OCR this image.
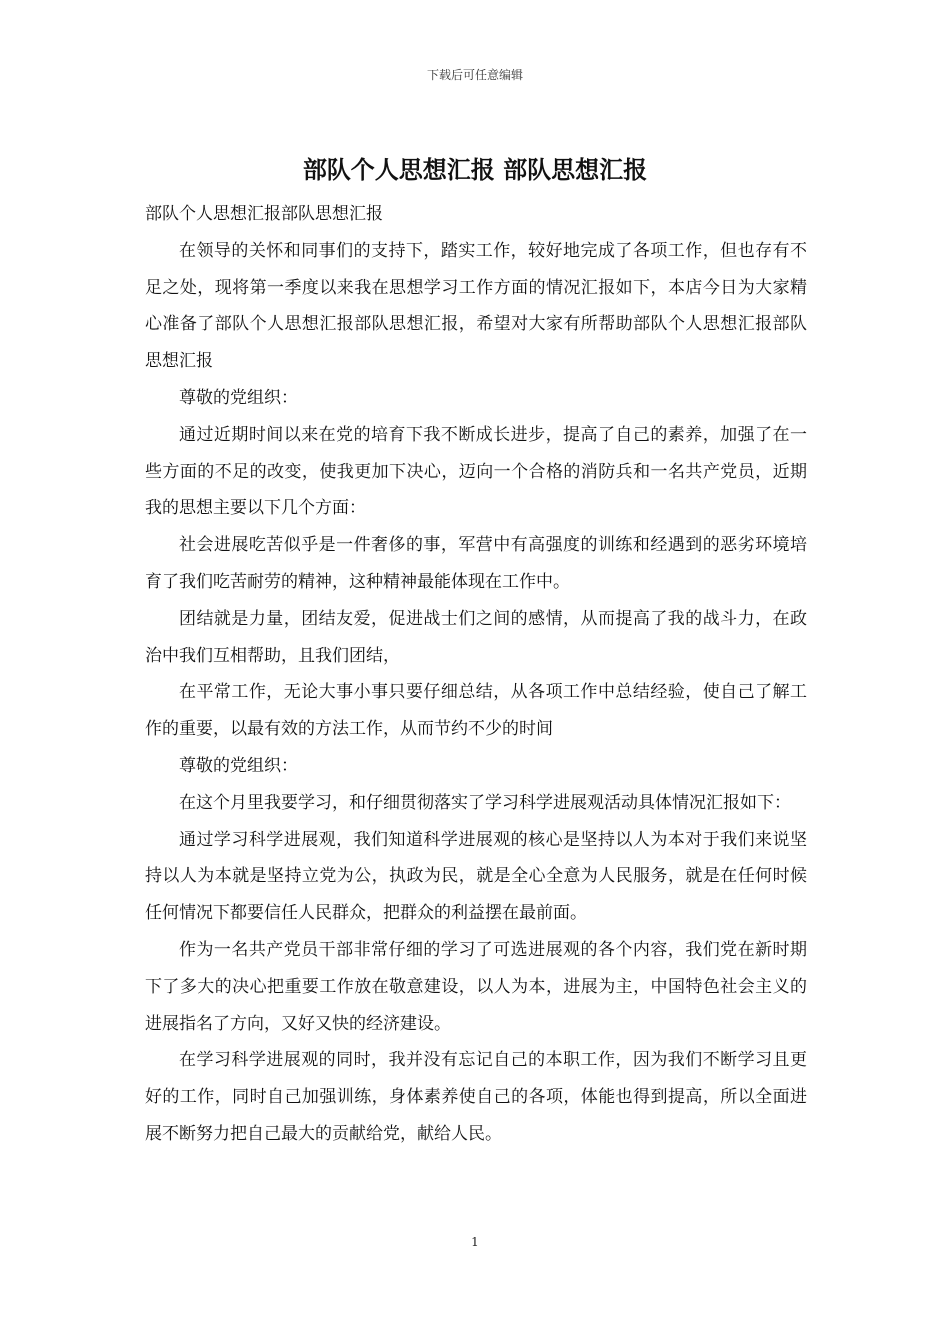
下载后可任意编辑
部队个人思想汇报 部队思想汇报

部队个人思想汇报部队思想汇报

在领导的关怀和同事们的支持下，踏实工作，较好地完成了各项工作，但也存有不足之处，现将第一季度以来我在思想学习工作方面的情况汇报如下，本店今日为大家精心准备了部队个人思想汇报部队思想汇报，希望对大家有所帮助部队个人思想汇报部队思想汇报

尊敬的党组织：

通过近期时间以来在党的培育下我不断成长进步，提高了自己的素养，加强了在一些方面的不足的改变，使我更加下决心，迈向一个合格的消防兵和一名共产党员，近期我的思想主要以下几个方面：

社会进展吃苦似乎是一件奢侈的事，军营中有高强度的训练和经遇到的恶劣环境培育了我们吃苦耐劳的精神，这种精神最能体现在工作中。

团结就是力量，团结友爱，促进战士们之间的感情，从而提高了我的战斗力，在政治中我们互相帮助，且我们团结，

在平常工作，无论大事小事只要仔细总结，从各项工作中总结经验，使自己了解工作的重要，以最有效的方法工作，从而节约不少的时间

尊敬的党组织：

在这个月里我要学习，和仔细贯彻落实了学习科学进展观活动具体情况汇报如下：

通过学习科学进展观，我们知道科学进展观的核心是坚持以人为本对于我们来说坚持以人为本就是坚持立党为公，执政为民，就是全心全意为人民服务，就是在任何时候任何情况下都要信任人民群众，把群众的利益摆在最前面。

作为一名共产党员干部非常仔细的学习了可选进展观的各个内容，我们党在新时期下了多大的决心把重要工作放在敬意建设，以人为本，进展为主，中国特色社会主义的进展指名了方向，又好又快的经济建设。

在学习科学进展观的同时，我并没有忘记自己的本职工作，因为我们不断学习且更好的工作，同时自己加强训练，身体素养使自己的各项，体能也得到提高，所以全面进展不断努力把自己最大的贡献给党，献给人民。

1
